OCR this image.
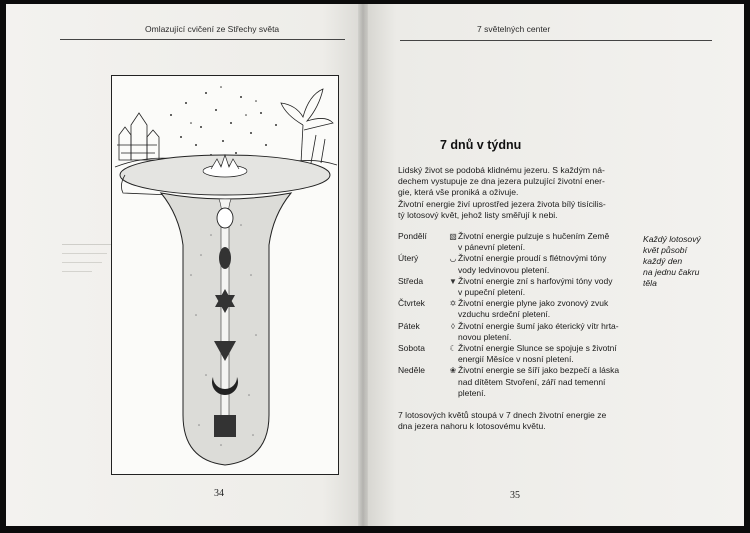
Omlazující cvičení ze Střechy světa
34
7 světelných center
7 dnů v týdnu
Lidský život se podobá klidnému jezeru. S každým ná-
dechem vystupuje ze dna jezera pulzující životní ener-
gie, která vše proniká a oživuje.
Životní energie živí uprostřed jezera života bílý tisícilis-
tý lotosový květ, jehož listy směřují k nebi.
Pondělí	▧ Životní energie pulzuje s hučením Země
v pánevní pletení.
Úterý	◡ Životní energie proudí s flétnovými tóny
vody ledvinovou pletení.
Středa	▼ Životní energie zní s harfovými tóny vody
v pupeční pletení.
Čtvrtek	✡ Životní energie plyne jako zvonový zvuk
vzduchu srdeční pletení.
Pátek	◊ Životní energie šumí jako éterický vítr hrta-
novou pletení.
Sobota	☾ Životní energie Slunce se spojuje s životní
energií Měsíce v nosní pletení.
Neděle	❀ Životní energie se šíří jako bezpečí a láska
nad dítětem Stvoření, září nad temenní
pletení.
Každý lotosový
květ působí
každý den
na jednu čakru
těla
7 lotosových květů stoupá v 7 dnech životní energie ze
dna jezera nahoru k lotosovému květu.
35
